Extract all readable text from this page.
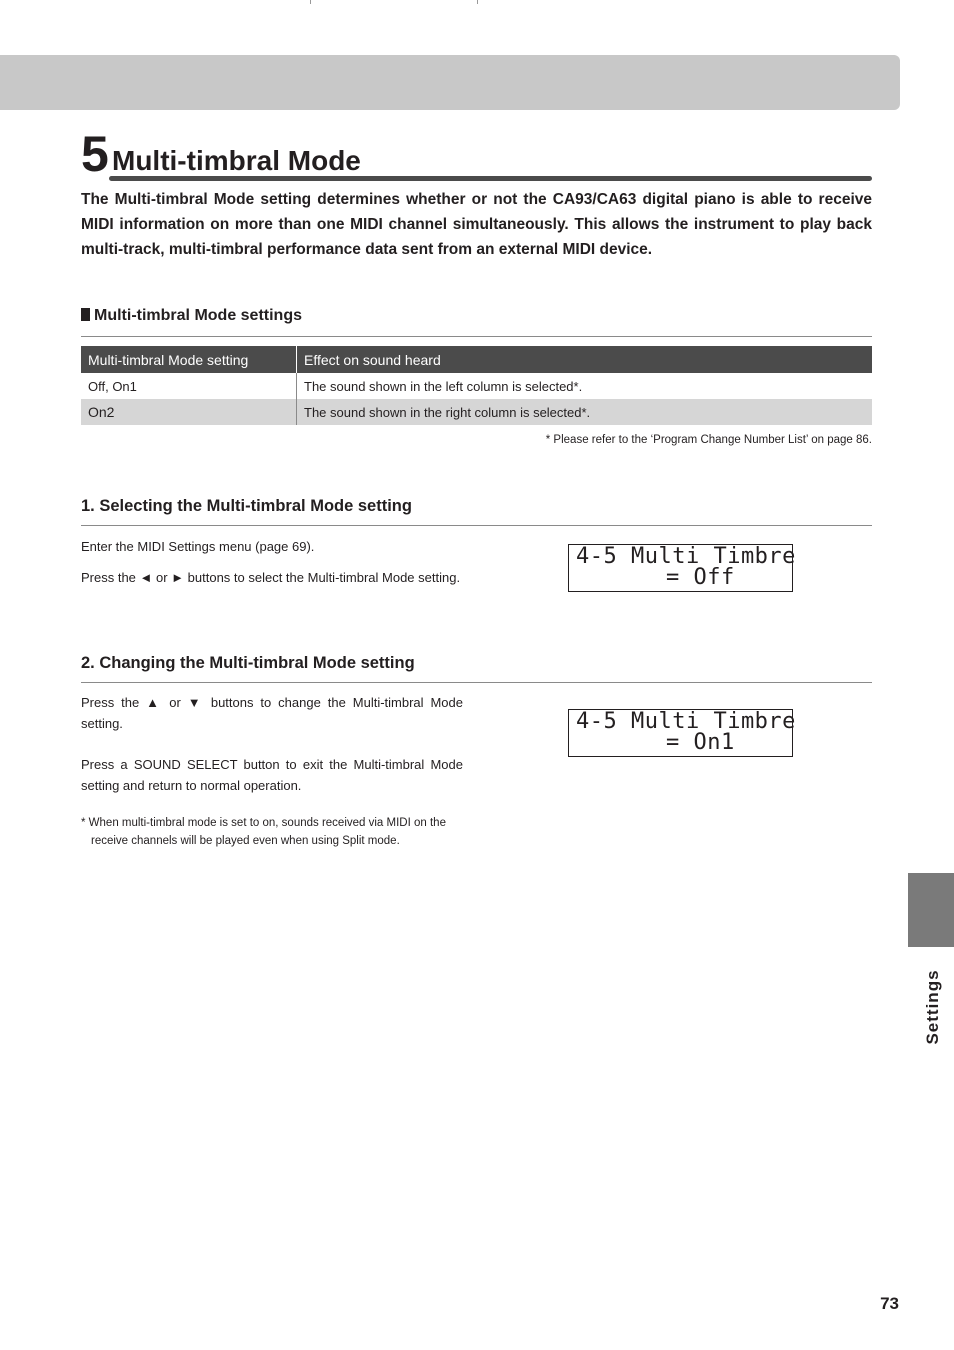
5 Multi-timbral Mode
The Multi-timbral Mode setting determines whether or not the CA93/CA63 digital piano is able to receive MIDI information on more than one MIDI channel simultaneously. This allows the instrument to play back multi-track, multi-timbral performance data sent from an external MIDI device.
Multi-timbral Mode settings
Multi-timbral Mode setting	Effect on sound heard
Off, On1	The sound shown in the left column is selected*.
On2	The sound shown in the right column is selected*.
* Please refer to the ‘Program Change Number List’ on page 86.
1. Selecting the Multi-timbral Mode setting
Enter the MIDI Settings menu (page 69).
Press the ◄ or ► buttons to select the Multi-timbral Mode setting.
4-5 Multi Timbre
= Off
2. Changing the Multi-timbral Mode setting
Press the ▲ or ▼ buttons to change the Multi-timbral Mode setting.
Press a SOUND SELECT button to exit the Multi-timbral Mode setting and return to normal operation.
* When multi-timbral mode is set to on, sounds received via MIDI on the
receive channels will be played even when using Split mode.
4-5 Multi Timbre
= On1
Settings
73
